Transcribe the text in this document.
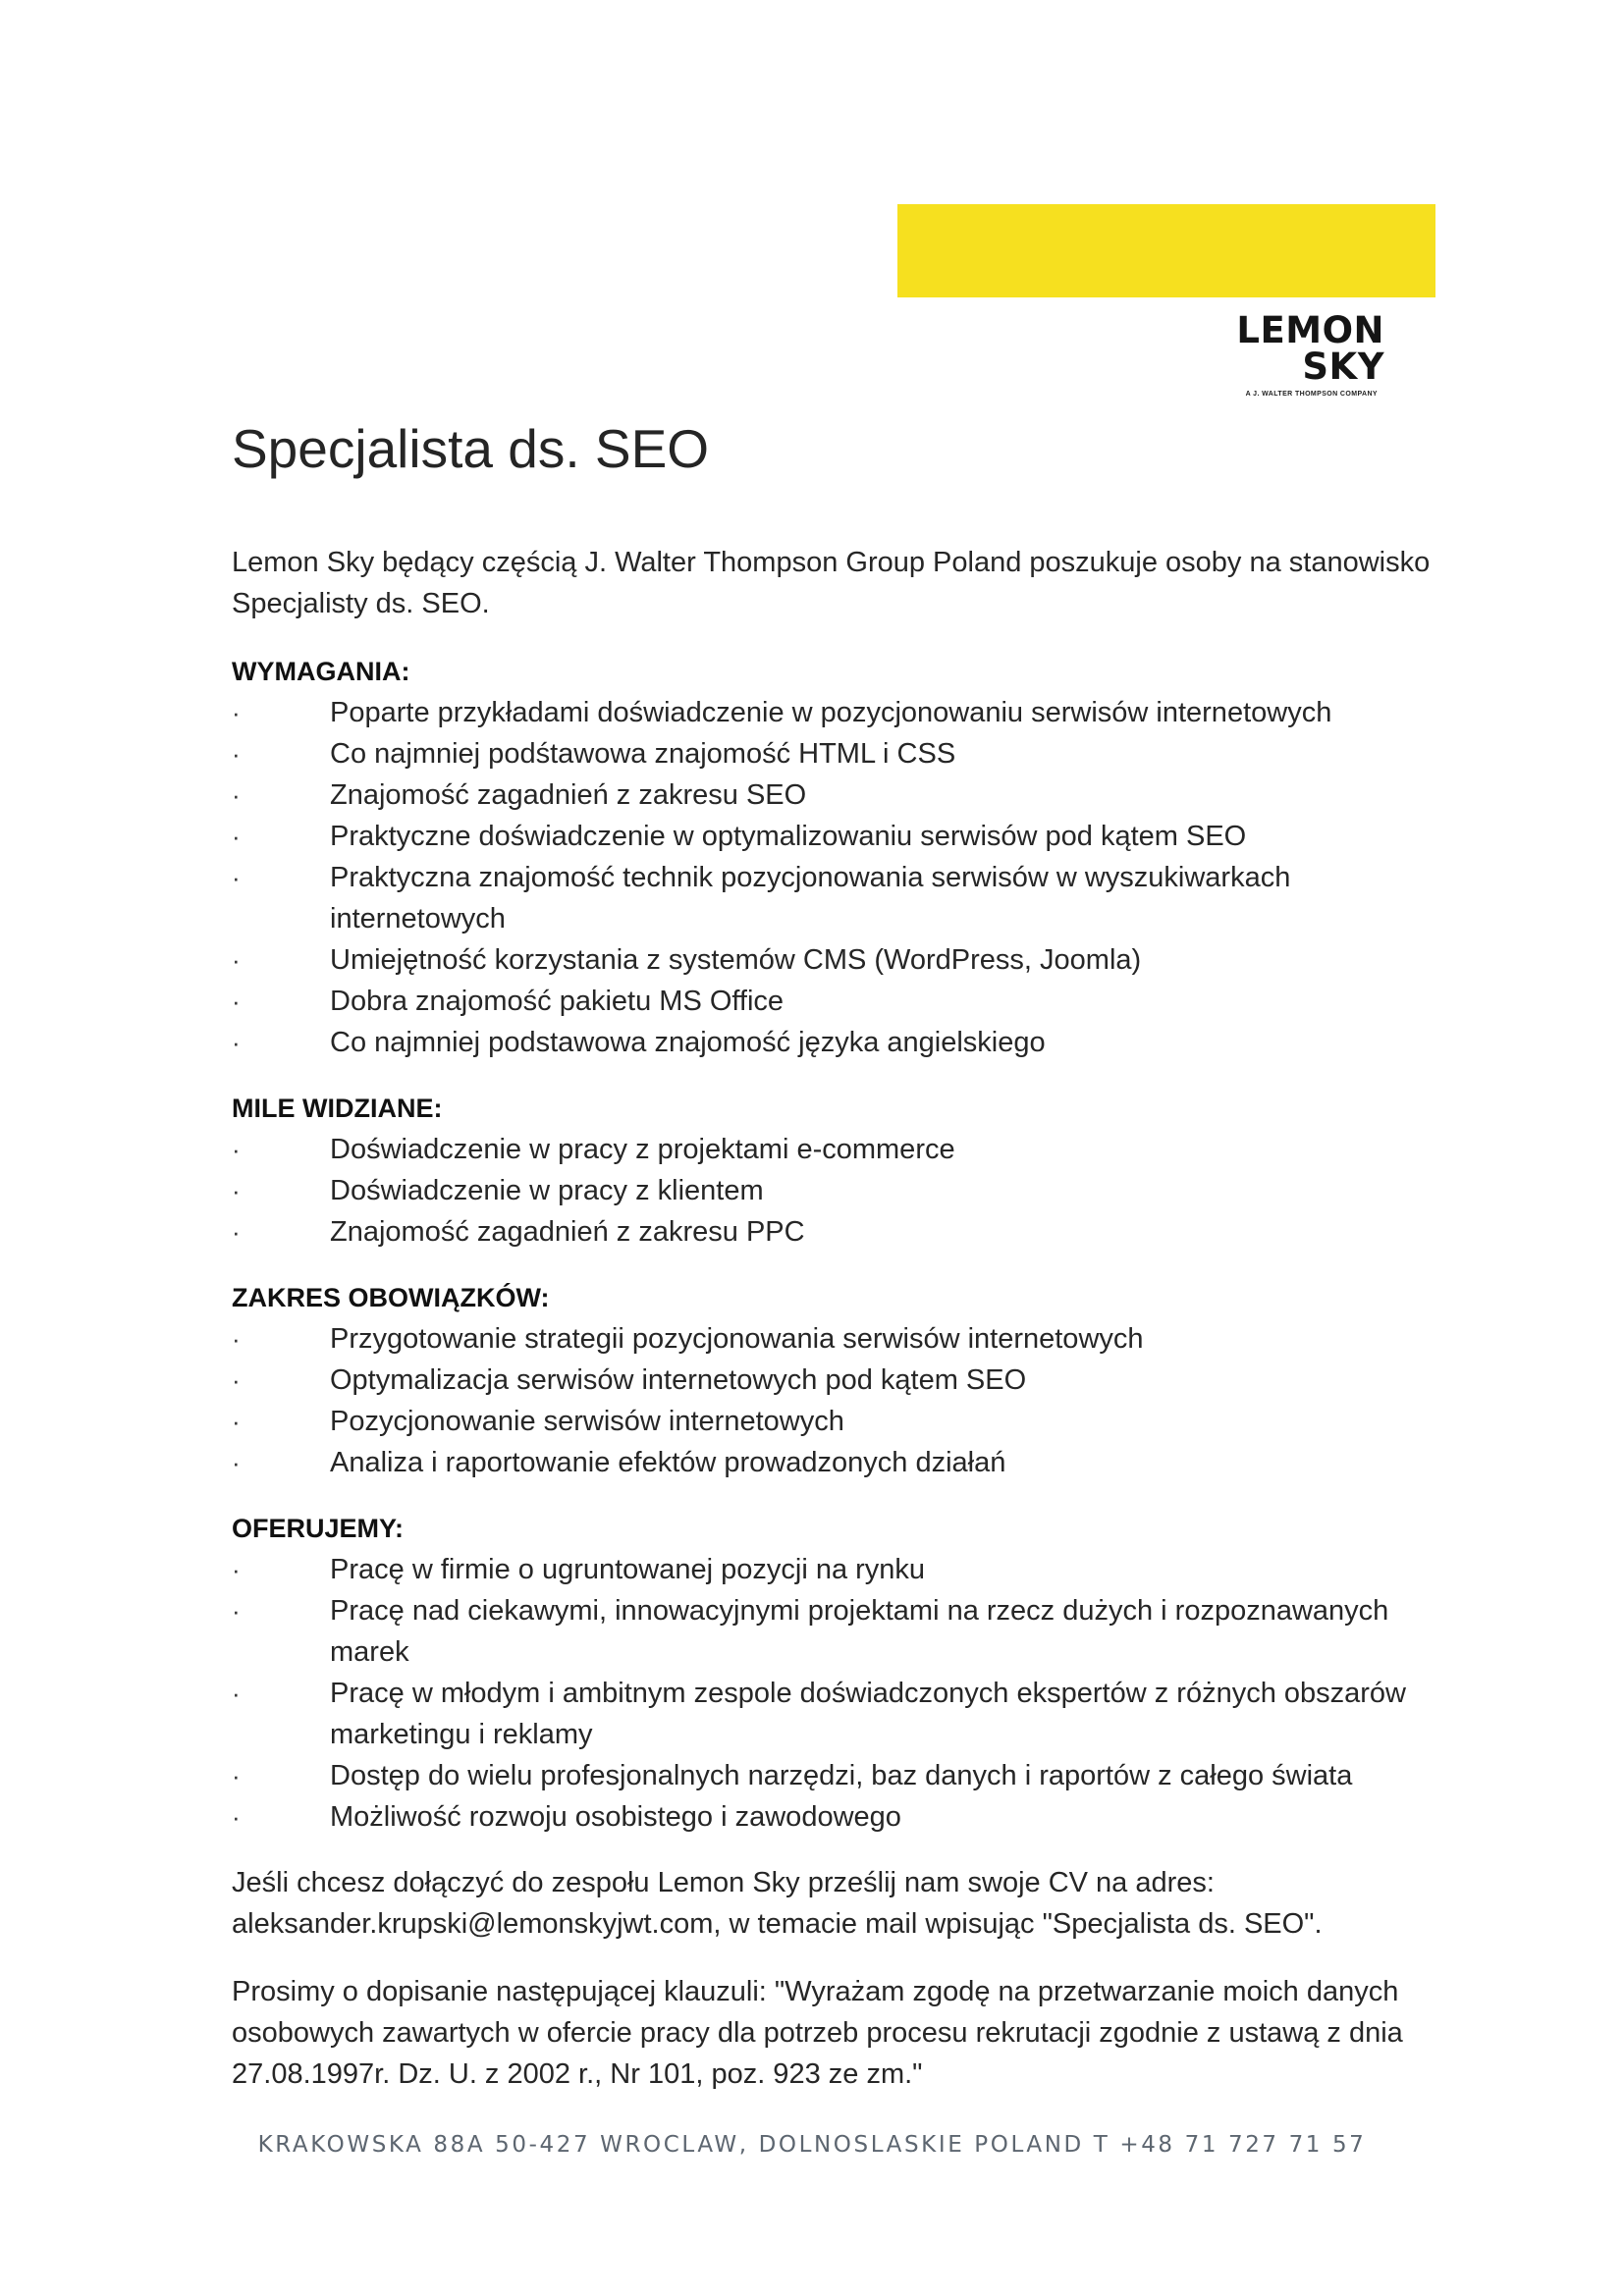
LEMON SKY
A J. WALTER THOMPSON COMPANY
Specjalista ds. SEO

Lemon Sky będący częścią J. Walter Thompson Group Poland poszukuje osoby na stanowisko Specjalisty ds. SEO.

WYMAGANIA:

·	Poparte przykładami doświadczenie w pozycjonowaniu serwisów internetowych
·	Co najmniej podśtawowa znajomość HTML i CSS
·	Znajomość zagadnień z zakresu SEO
·	Praktyczne doświadczenie w optymalizowaniu serwisów pod kątem SEO
·	Praktyczna znajomość technik pozycjonowania serwisów w wyszukiwarkach internetowych
·	Umiejętność korzystania z systemów CMS (WordPress, Joomla)
·	Dobra znajomość pakietu MS Office
·	Co najmniej podstawowa znajomość języka angielskiego

MILE WIDZIANE:

·	Doświadczenie w pracy z projektami e-commerce
·	Doświadczenie w pracy z klientem
·	Znajomość zagadnień z zakresu PPC

ZAKRES OBOWIĄZKÓW:

·	Przygotowanie strategii pozycjonowania serwisów internetowych
·	Optymalizacja serwisów internetowych pod kątem SEO
·	Pozycjonowanie serwisów internetowych
·	Analiza i raportowanie efektów prowadzonych działań

OFERUJEMY:

·	Pracę w firmie o ugruntowanej pozycji na rynku
·	Pracę nad ciekawymi, innowacyjnymi projektami na rzecz dużych i rozpoznawanych marek
·	Pracę w młodym i ambitnym zespole doświadczonych ekspertów z różnych obszarów marketingu i reklamy
·	Dostęp do wielu profesjonalnych narzędzi, baz danych i raportów z całego świata
·	Możliwość rozwoju osobistego i zawodowego

Jeśli chcesz dołączyć do zespołu Lemon Sky prześlij nam swoje CV na adres: aleksander.krupski@lemonskyjwt.com, w temacie mail wpisując "Specjalista ds. SEO".

Prosimy o dopisanie następującej klauzuli: "Wyrażam zgodę na przetwarzanie moich danych osobowych zawartych w ofercie pracy dla potrzeb procesu rekrutacji zgodnie z ustawą z dnia 27.08.1997r. Dz. U. z 2002 r., Nr 101, poz. 923 ze zm."

KRAKOWSKA 88A 50-427 WROCLAW, DOLNOSLASKIE POLAND T +48 71 727 71 57
